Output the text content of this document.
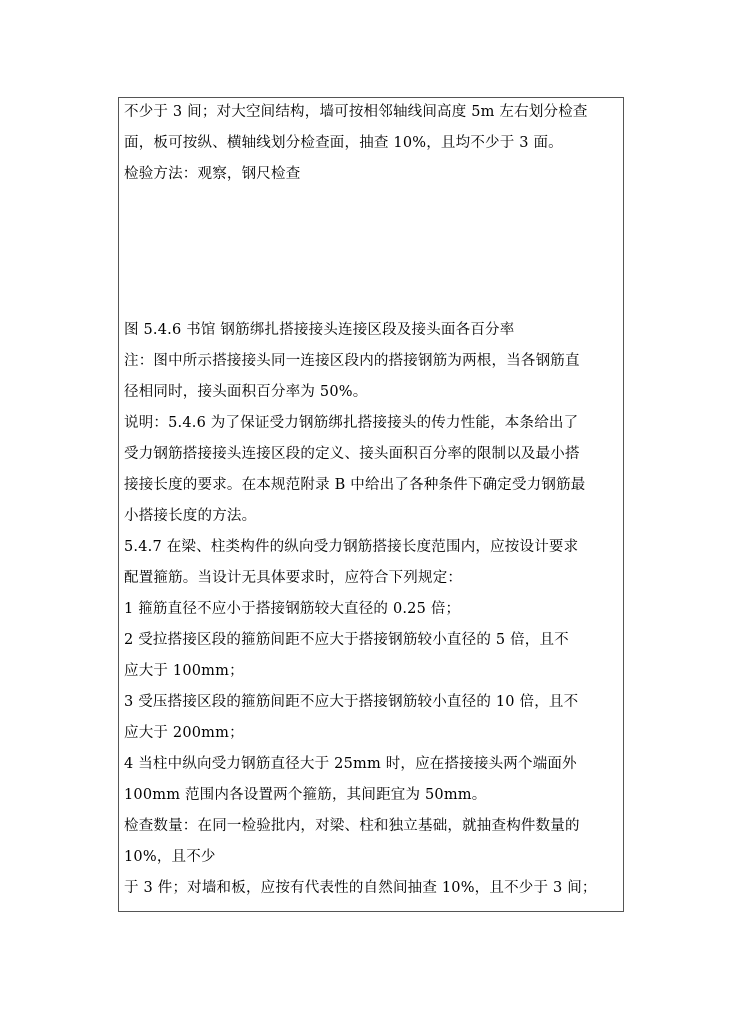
不少于 3 间；对大空间结构，墙可按相邻轴线间高度 5m 左右划分检查
面，板可按纵、横轴线划分检查面，抽查 10%，且均不少于 3 面。
检验方法：观察，钢尺检查
图 5.4.6 书馆 钢筋绑扎搭接接头连接区段及接头面各百分率
注：图中所示搭接接头同一连接区段内的搭接钢筋为两根，当各钢筋直
径相同时，接头面积百分率为 50%。
说明：5.4.6 为了保证受力钢筋绑扎搭接接头的传力性能，本条给出了
受力钢筋搭接接头连接区段的定义、接头面积百分率的限制以及最小搭
接接长度的要求。在本规范附录 B 中给出了各种条件下确定受力钢筋最
小搭接长度的方法。
5.4.7 在梁、柱类构件的纵向受力钢筋搭接长度范围内，应按设计要求
配置箍筋。当设计无具体要求时，应符合下列规定：
1 箍筋直径不应小于搭接钢筋较大直径的 0.25 倍；
2 受拉搭接区段的箍筋间距不应大于搭接钢筋较小直径的 5 倍，且不
应大于 100mm；
3 受压搭接区段的箍筋间距不应大于搭接钢筋较小直径的 10 倍，且不
应大于 200mm；
4 当柱中纵向受力钢筋直径大于 25mm 时，应在搭接接头两个端面外
100mm 范围内各设置两个箍筋，其间距宜为 50mm。
检查数量：在同一检验批内，对梁、柱和独立基础，就抽查构件数量的
10%，且不少
于 3 件；对墙和板，应按有代表性的自然间抽查 10%，且不少于 3 间；
